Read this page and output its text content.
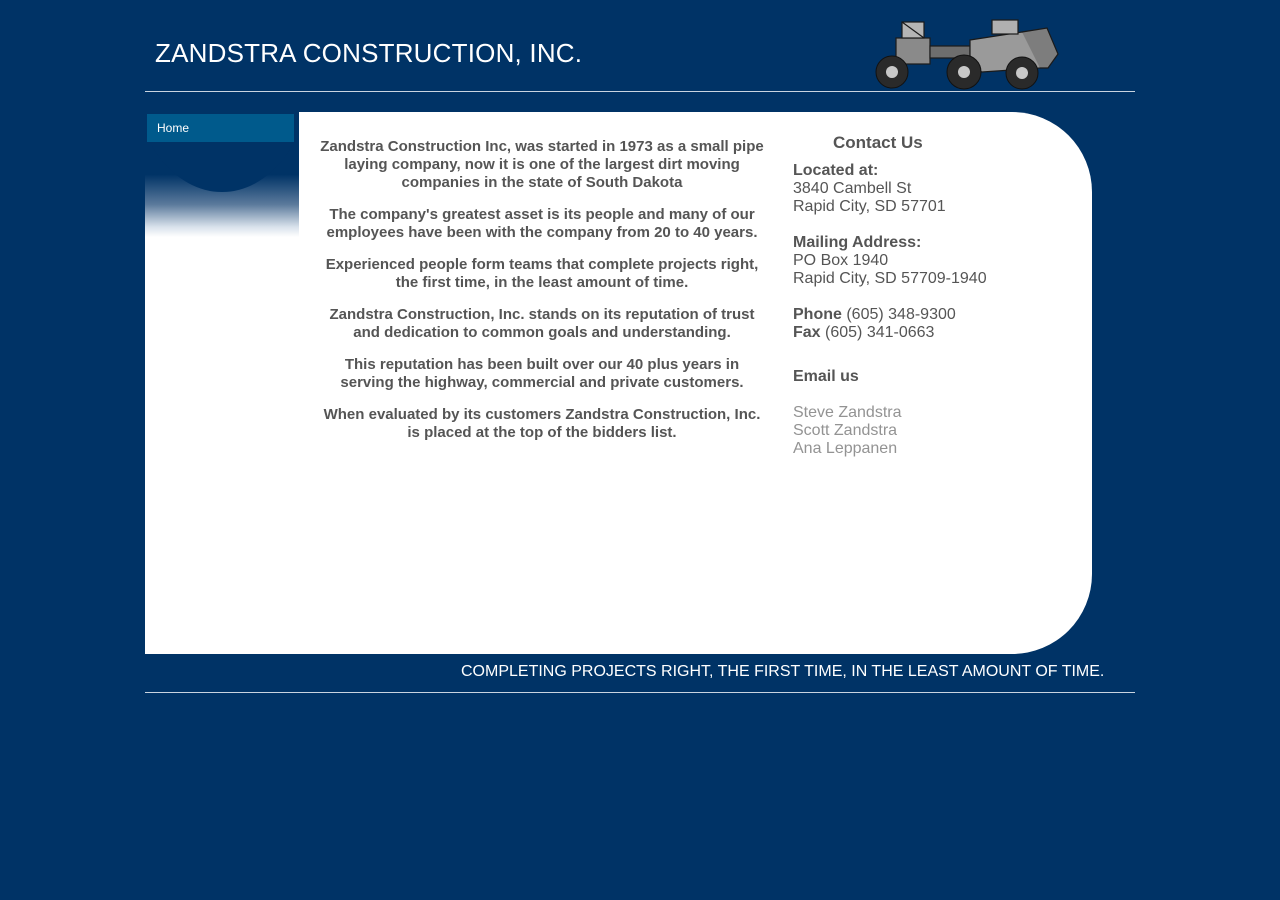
ZANDSTRA CONSTRUCTION, INC.
Home

Zandstra Construction Inc, was started in 1973 as a small pipe laying company, now it is one of the largest dirt moving companies in the state of South Dakota

The company's greatest asset is its people and many of our employees have been with the company from 20 to 40 years.

Experienced people form teams that complete projects right, the first time, in the least amount of time.

Zandstra Construction, Inc. stands on its reputation of trust and dedication to common goals and understanding.

This reputation has been built over our 40 plus years in serving the highway, commercial and private customers.

When evaluated by its customers Zandstra Construction, Inc. is placed at the top of the bidders list.

Contact Us
Located at:
3840 Cambell St
Rapid City, SD 57701
Mailing Address:
PO Box 1940
Rapid City, SD 57709-1940
Phone (605) 348-9300
Fax (605) 341-0663
Email us
Steve Zandstra
Scott Zandstra
Ana Leppanen
COMPLETING PROJECTS RIGHT, THE FIRST TIME, IN THE LEAST AMOUNT OF TIME.
